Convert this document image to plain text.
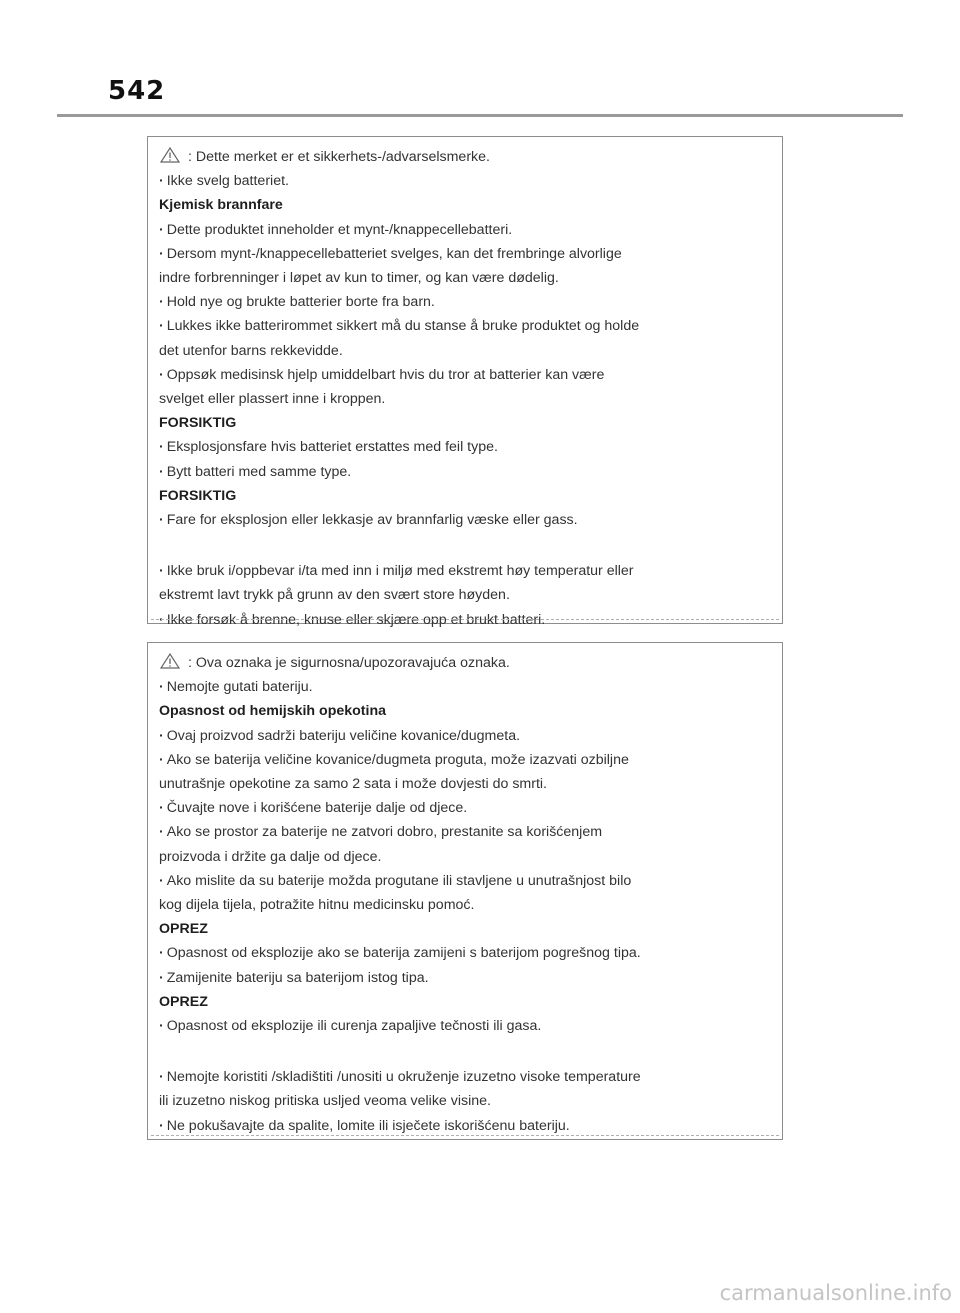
542
: Dette merket er et sikkerhets-/advarselsmerke.
· Ikke svelg batteriet.
Kjemisk brannfare
· Dette produktet inneholder et mynt-/knappecellebatteri.
· Dersom mynt-/knappecellebatteriet svelges, kan det frembringe alvorlige
indre forbrenninger i løpet av kun to timer, og kan være dødelig.
· Hold nye og brukte batterier borte fra barn.
· Lukkes ikke batterirommet sikkert må du stanse å bruke produktet og holde
det utenfor barns rekkevidde.
· Oppsøk medisinsk hjelp umiddelbart hvis du tror at batterier kan være
svelget eller plassert inne i kroppen.
FORSIKTIG
· Eksplosjonsfare hvis batteriet erstattes med feil type.
· Bytt batteri med samme type.
FORSIKTIG
· Fare for eksplosjon eller lekkasje av brannfarlig væske eller gass.
· Ikke bruk i/oppbevar i/ta med inn i miljø med ekstremt høy temperatur eller
ekstremt lavt trykk på grunn av den svært store høyden.
· Ikke forsøk å brenne, knuse eller skjære opp et brukt batteri.
: Ova oznaka je sigurnosna/upozoravajuća oznaka.
· Nemojte gutati bateriju.
Opasnost od hemijskih opekotina
· Ovaj proizvod sadrži bateriju veličine kovanice/dugmeta.
· Ako se baterija veličine kovanice/dugmeta proguta, može izazvati ozbiljne
unutrašnje opekotine za samo 2 sata i može dovjesti do smrti.
· Čuvajte nove i korišćene baterije dalje od djece.
· Ako se prostor za baterije ne zatvori dobro, prestanite sa korišćenjem
proizvoda i držite ga dalje od djece.
· Ako mislite da su baterije možda progutane ili stavljene u unutrašnjost bilo
kog dijela tijela, potražite hitnu medicinsku pomoć.
OPREZ
· Opasnost od eksplozije ako se baterija zamijeni s baterijom pogrešnog tipa.
· Zamijenite bateriju sa baterijom istog tipa.
OPREZ
· Opasnost od eksplozije ili curenja zapaljive tečnosti ili gasa.
· Nemojte koristiti /skladištiti /unositi u okruženje izuzetno visoke temperature
ili izuzetno niskog pritiska usljed veoma velike visine.
· Ne pokušavajte da spalite, lomite ili isječete iskorišćenu bateriju.
carmanualsonline.info
